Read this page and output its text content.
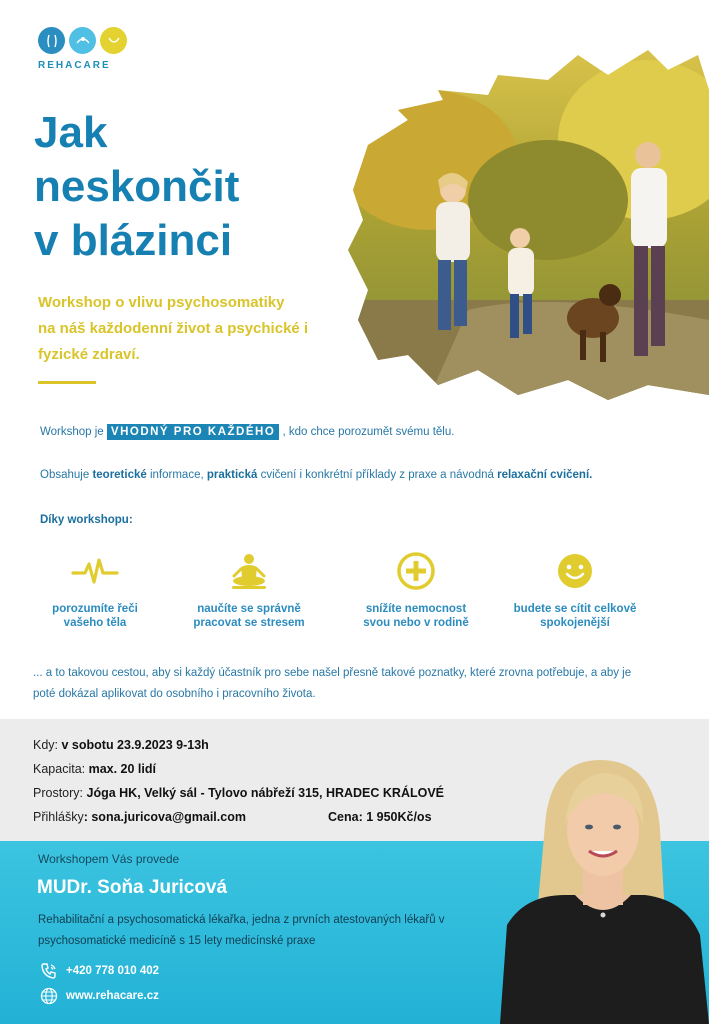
REHACARE
Jak
neskončit
v blázinci
Workshop o vlivu psychosomatiky
na náš každodenní život a psychické i
fyzické zdraví.
Workshop je VHODNÝ PRO KAŽDÉHO , kdo chce porozumět svému tělu.
Obsahuje teoretické informace, praktická cvičení i konkrétní příklady z praxe a návodná relaxační cvičení.
Díky workshopu:
porozumíte řeči
vašeho těla
naučíte se správně
pracovat se stresem
snížíte nemocnost
svou nebo v rodině
budete se cítit celkově
spokojenější
... a to takovou cestou, aby si každý účastník pro sebe našel přesně takové poznatky, které zrovna potřebuje, a aby je poté dokázal aplikovat do osobního i pracovního života.
Kdy: v sobotu 23.9.2023 9-13h
Kapacita: max. 20 lidí
Prostory: Jóga HK, Velký sál - Tylovo nábřeží 315, HRADEC KRÁLOVÉ
Přihlášky: sona.juricova@gmail.com	Cena: 1 950Kč/os
Workshopem Vás provede
MUDr. Soňa Juricová
Rehabilitační a psychosomatická lékařka, jedna z prvních atestovaných lékařů v psychosomatické medicíně s 15 lety medicínské praxe
+420 778 010 402
www.rehacare.cz
